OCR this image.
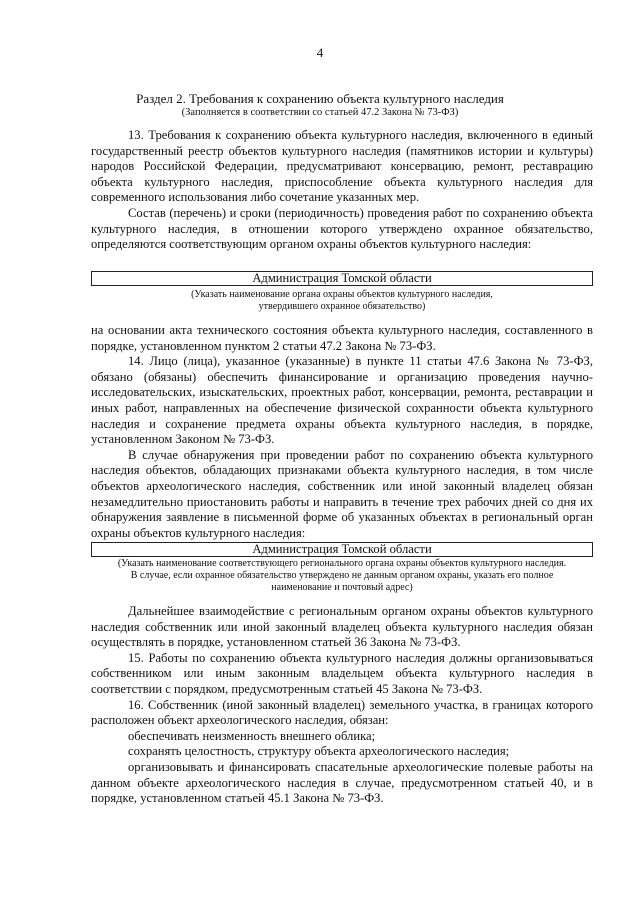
4
Раздел 2. Требования к сохранению объекта культурного наследия
(Заполняется в соответствии со статьей 47.2 Закона № 73-ФЗ)

13. Требования к сохранению объекта культурного наследия, включенного в единый государственный реестр объектов культурного наследия (памятников истории и культуры) народов Российской Федерации, предусматривают консервацию, ремонт, реставрацию объекта культурного наследия, приспособление объекта культурного наследия для современного использования либо сочетание указанных мер.

Состав (перечень) и сроки (периодичность) проведения работ по сохранению объекта культурного наследия, в отношении которого утверждено охранное обязательство, определяются соответствующим органом охраны объектов культурного наследия:

Администрация Томской области
(Указать наименование органа охраны объектов культурного наследия,
утвердившего охранное обязательство)

на основании акта технического состояния объекта культурного наследия, составленного в порядке, установленном пунктом 2 статьи 47.2 Закона № 73-ФЗ.

14. Лицо (лица), указанное (указанные) в пункте 11 статьи 47.6 Закона № 73-ФЗ, обязано (обязаны) обеспечить финансирование и организацию проведения научно-исследовательских, изыскательских, проектных работ, консервации, ремонта, реставрации и иных работ, направленных на обеспечение физической сохранности объекта культурного наследия и сохранение предмета охраны объекта культурного наследия, в порядке, установленном Законом № 73-ФЗ.

В случае обнаружения при проведении работ по сохранению объекта культурного наследия объектов, обладающих признаками объекта культурного наследия, в том числе объектов археологического наследия, собственник или иной законный владелец обязан незамедлительно приостановить работы и направить в течение трех рабочих дней со дня их обнаружения заявление в письменной форме об указанных объектах в региональный орган охраны объектов культурного наследия:

Администрация Томской области
(Указать наименование соответствующего регионального органа охраны объектов культурного наследия.
В случае, если охранное обязательство утверждено не данным органом охраны, указать его полное
наименование и почтовый адрес)

Дальнейшее взаимодействие с региональным органом охраны объектов культурного наследия собственник или иной законный владелец объекта культурного наследия обязан осуществлять в порядке, установленном статьей 36 Закона № 73-ФЗ.

15. Работы по сохранению объекта культурного наследия должны организовываться собственником или иным законным владельцем объекта культурного наследия в соответствии с порядком, предусмотренным статьей 45 Закона № 73-ФЗ.

16. Собственник (иной законный владелец) земельного участка, в границах которого расположен объект археологического наследия, обязан:

обеспечивать неизменность внешнего облика;

сохранять целостность, структуру объекта археологического наследия;

организовывать и финансировать спасательные археологические полевые работы на данном объекте археологического наследия в случае, предусмотренном статьей 40, и в порядке, установленном статьей 45.1 Закона № 73-ФЗ.
